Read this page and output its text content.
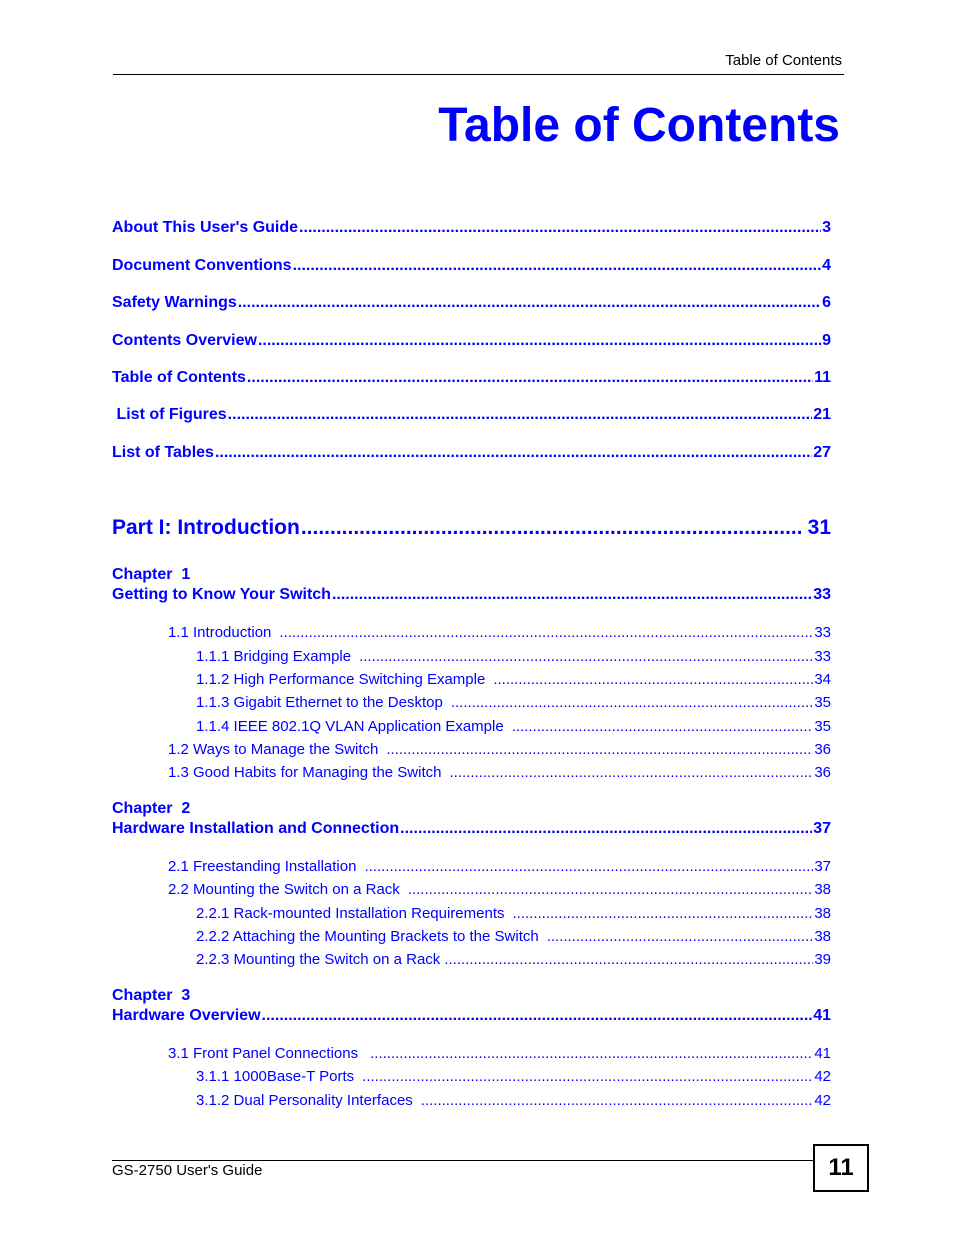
Table of Contents
Table of Contents
About This User's Guide .....	3
Document Conventions .....	4
Safety Warnings .....	6
Contents Overview .....	9
Table of Contents .....	11
List of Figures .....	21
List of Tables .....	27
Part I: Introduction .....	31
Chapter  1
Getting to Know Your Switch .....	33
1.1 Introduction .....	33
1.1.1 Bridging Example .....	33
1.1.2 High Performance Switching Example .....	34
1.1.3 Gigabit Ethernet to the Desktop .....	35
1.1.4 IEEE 802.1Q VLAN Application Example .....	35
1.2 Ways to Manage the Switch .....	36
1.3 Good Habits for Managing the Switch .....	36
Chapter  2
Hardware Installation and Connection .....	37
2.1 Freestanding Installation .....	37
2.2 Mounting the Switch on a Rack .....	38
2.2.1 Rack-mounted Installation Requirements .....	38
2.2.2 Attaching the Mounting Brackets to the Switch .....	38
2.2.3 Mounting the Switch on a Rack .....	39
Chapter  3
Hardware Overview .....	41
3.1 Front Panel Connections .....	41
3.1.1 1000Base-T Ports .....	42
3.1.2 Dual Personality Interfaces .....	42
GS-2750 User's Guide	11
